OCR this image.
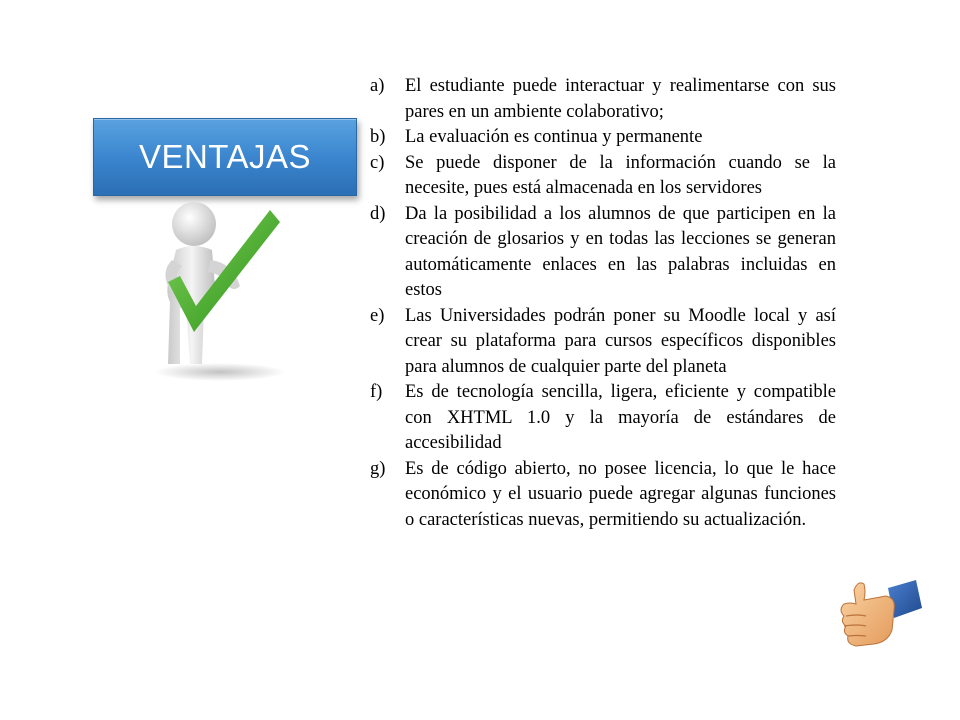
VENTAJAS
a)	El estudiante puede interactuar y realimentarse con sus pares en un ambiente colaborativo;
b)	La evaluación es continua y permanente
c)	Se puede disponer de la información cuando se la necesite, pues está almacenada en los servidores
d)	Da la posibilidad a los alumnos de que participen en la creación de glosarios y en todas las lecciones se generan automáticamente enlaces en las palabras incluidas en estos
e)	Las Universidades podrán poner su Moodle local y así crear su plataforma para cursos específicos disponibles para alumnos de cualquier parte del planeta
f)	Es de tecnología sencilla, ligera, eficiente y compatible con XHTML 1.0 y la mayoría de estándares de accesibilidad
g)	Es de código abierto, no posee licencia, lo que le hace económico y el usuario puede agregar algunas funciones o características nuevas, permitiendo su actualización.
